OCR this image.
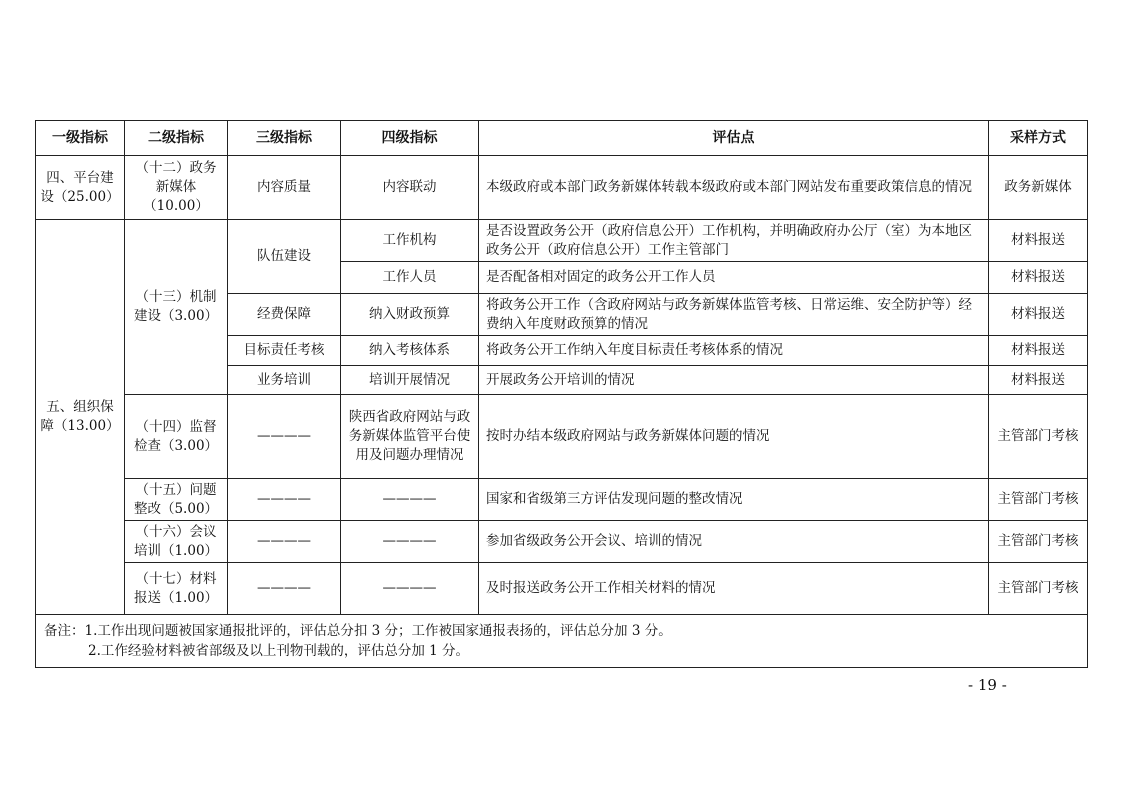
一级指标	二级指标	三级指标	四级指标	评估点	采样方式
四、平台建设（25.00）	（十二）政务新媒体（10.00）	内容质量	内容联动	本级政府或本部门政务新媒体转载本级政府或本部门网站发布重要政策信息的情况	政务新媒体
五、组织保障（13.00）	（十三）机制建设（3.00）	队伍建设	工作机构	是否设置政务公开（政府信息公开）工作机构，并明确政府办公厅（室）为本地区政务公开（政府信息公开）工作主管部门	材料报送
			工作人员	是否配备相对固定的政务公开工作人员	材料报送
		经费保障	纳入财政预算	将政务公开工作（含政府网站与政务新媒体监管考核、日常运维、安全防护等）经费纳入年度财政预算的情况	材料报送
		目标责任考核	纳入考核体系	将政务公开工作纳入年度目标责任考核体系的情况	材料报送
		业务培训	培训开展情况	开展政务公开培训的情况	材料报送
	（十四）监督检查（3.00）	————	陕西省政府网站与政务新媒体监管平台使用及问题办理情况	按时办结本级政府网站与政务新媒体问题的情况	主管部门考核
	（十五）问题整改（5.00）	————	————	国家和省级第三方评估发现问题的整改情况	主管部门考核
	（十六）会议培训（1.00）	————	————	参加省级政务公开会议、培训的情况	主管部门考核
	（十七）材料报送（1.00）	————	————	及时报送政务公开工作相关材料的情况	主管部门考核

备注：1.工作出现问题被国家通报批评的，评估总分扣 3 分；工作被国家通报表扬的，评估总分加 3 分。
2.工作经验材料被省部级及以上刊物刊载的，评估总分加 1 分。					
- 19 -
